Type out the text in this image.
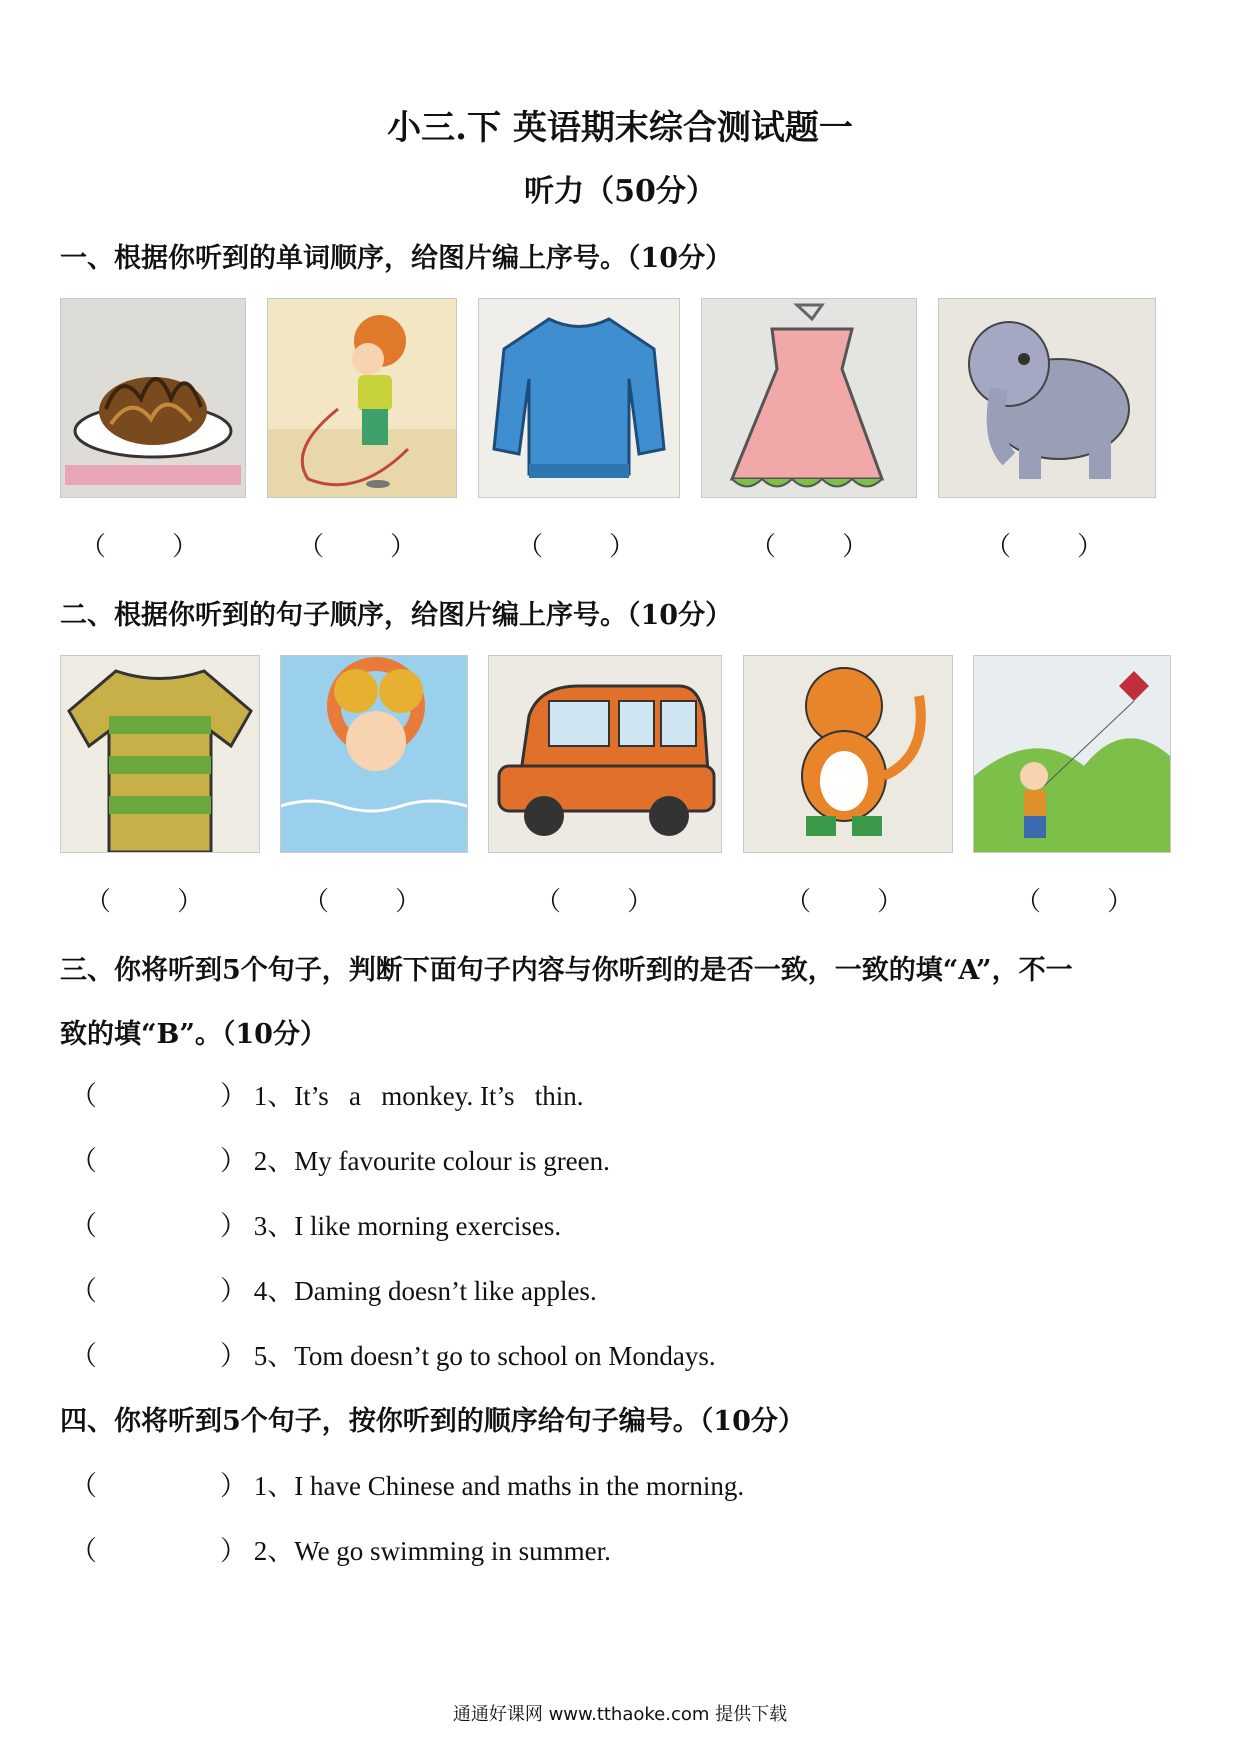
小三.下 英语期末综合测试题一
听力（50分）
一、根据你听到的单词顺序，给图片编上序号。（10分）
（        ）	（        ）	（        ）	（        ）	（        ）
二、根据你听到的句子顺序，给图片编上序号。（10分）
（        ）	（        ）	（        ）	（        ）	（        ）
三、你将听到5个句子，判断下面句子内容与你听到的是否一致，一致的填“A”，不一
致的填“B”。（10分）
（	） 1、It’s   a   monkey. It’s   thin.
（	） 2、My favourite colour is green.
（	） 3、I like morning exercises.
（	） 4、Daming doesn’t like apples.
（	） 5、Tom doesn’t go to school on Mondays.
四、你将听到5个句子，按你听到的顺序给句子编号。（10分）
（	） 1、I have Chinese and maths in the morning.
（	） 2、We go swimming in summer.
通通好课网 www.tthaoke.com 提供下载
